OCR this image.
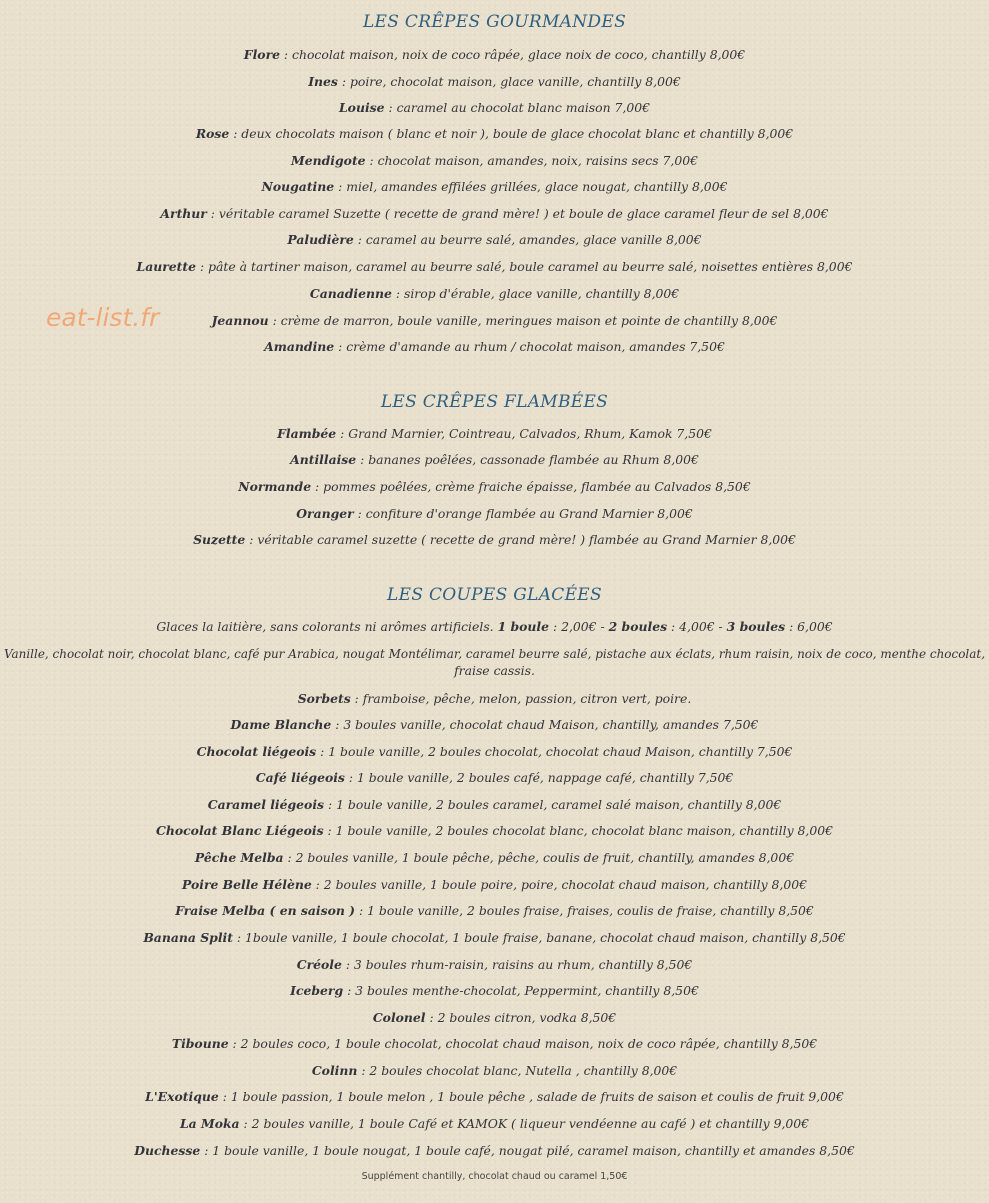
eat-list.fr
LES CRÊPES GOURMANDES
Flore : chocolat maison, noix de coco râpée, glace noix de coco, chantilly 8,00€
Ines : poire, chocolat maison, glace vanille, chantilly 8,00€
Louise : caramel au chocolat blanc maison 7,00€
Rose : deux chocolats maison ( blanc et noir ), boule de glace chocolat blanc et chantilly 8,00€
Mendigote : chocolat maison, amandes, noix, raisins secs 7,00€
Nougatine : miel, amandes effilées grillées, glace nougat, chantilly 8,00€
Arthur : véritable caramel Suzette ( recette de grand mère! ) et boule de glace caramel fleur de sel 8,00€
Paludière : caramel au beurre salé, amandes, glace vanille 8,00€
Laurette : pâte à tartiner maison, caramel au beurre salé, boule caramel au beurre salé, noisettes entières 8,00€
Canadienne : sirop d'érable, glace vanille, chantilly 8,00€
Jeannou : crème de marron, boule vanille, meringues maison et pointe de chantilly 8,00€
Amandine : crème d'amande au rhum / chocolat maison, amandes 7,50€
LES CRÊPES FLAMBÉES
Flambée : Grand Marnier, Cointreau, Calvados, Rhum, Kamok 7,50€
Antillaise : bananes poêlées, cassonade flambée au Rhum 8,00€
Normande : pommes poêlées, crème fraiche épaisse, flambée au Calvados 8,50€
Oranger : confiture d'orange flambée au Grand Marnier 8,00€
Suzette : véritable caramel suzette ( recette de grand mère! ) flambée au Grand Marnier 8,00€
LES COUPES GLACÉES
Glaces la laitière, sans colorants ni arômes artificiels. 1 boule : 2,00€ - 2 boules : 4,00€ - 3 boules : 6,00€
Vanille, chocolat noir, chocolat blanc, café pur Arabica, nougat Montélimar, caramel beurre salé, pistache aux éclats, rhum raisin, noix de coco, menthe chocolat,
fraise cassis.
Sorbets : framboise, pêche, melon, passion, citron vert, poire.
Dame Blanche : 3 boules vanille, chocolat chaud Maison, chantilly, amandes 7,50€
Chocolat liégeois : 1 boule vanille, 2 boules chocolat, chocolat chaud Maison, chantilly 7,50€
Café liégeois : 1 boule vanille, 2 boules café, nappage café, chantilly 7,50€
Caramel liégeois : 1 boule vanille, 2 boules caramel, caramel salé maison, chantilly 8,00€
Chocolat Blanc Liégeois : 1 boule vanille, 2 boules chocolat blanc, chocolat blanc maison, chantilly 8,00€
Pêche Melba : 2 boules vanille, 1 boule pêche, pêche, coulis de fruit, chantilly, amandes 8,00€
Poire Belle Hélène : 2 boules vanille, 1 boule poire, poire, chocolat chaud maison, chantilly 8,00€
Fraise Melba ( en saison ) : 1 boule vanille, 2 boules fraise, fraises, coulis de fraise, chantilly 8,50€
Banana Split : 1boule vanille, 1 boule chocolat, 1 boule fraise, banane, chocolat chaud maison, chantilly 8,50€
Créole : 3 boules rhum-raisin, raisins au rhum, chantilly 8,50€
Iceberg : 3 boules menthe-chocolat, Peppermint, chantilly 8,50€
Colonel : 2 boules citron, vodka 8,50€
Tiboune : 2 boules coco, 1 boule chocolat, chocolat chaud maison, noix de coco râpée, chantilly 8,50€
Colinn : 2 boules chocolat blanc, Nutella , chantilly 8,00€
L'Exotique : 1 boule passion, 1 boule melon , 1 boule pêche , salade de fruits de saison et coulis de fruit 9,00€
La Moka : 2 boules vanille, 1 boule Café et KAMOK ( liqueur vendéenne au café ) et chantilly 9,00€
Duchesse : 1 boule vanille, 1 boule nougat, 1 boule café, nougat pilé, caramel maison, chantilly et amandes 8,50€
Supplément chantilly, chocolat chaud ou caramel 1,50€
